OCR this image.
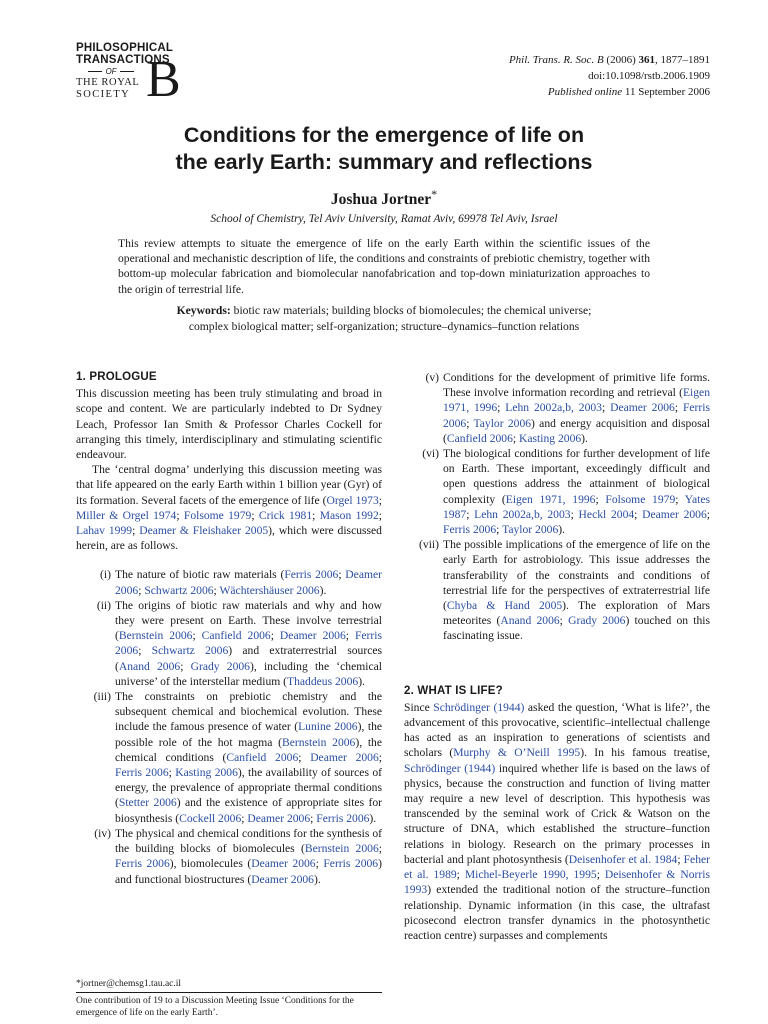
PHILOSOPHICAL
TRANSACTIONS
OF
THE ROYAL
SOCIETY B	Phil. Trans. R. Soc. B (2006) 361, 1877–1891
doi:10.1098/rstb.2006.1909
Published online 11 September 2006
Conditions for the emergence of life on
the early Earth: summary and reflections
Joshua Jortner*
School of Chemistry, Tel Aviv University, Ramat Aviv, 69978 Tel Aviv, Israel
This review attempts to situate the emergence of life on the early Earth within the scientific issues of the operational and mechanistic description of life, the conditions and constraints of prebiotic chemistry, together with bottom-up molecular fabrication and biomolecular nanofabrication and top-down miniaturization approaches to the origin of terrestrial life.
Keywords: biotic raw materials; building blocks of biomolecules; the chemical universe;
complex biological matter; self-organization; structure–dynamics–function relations
1. PROLOGUE

This discussion meeting has been truly stimulating and broad in scope and content. We are particularly indebted to Dr Sydney Leach, Professor Ian Smith & Professor Charles Cockell for arranging this timely, interdisciplinary and stimulating scientific endeavour.

The ‘central dogma’ underlying this discussion meeting was that life appeared on the early Earth within 1 billion year (Gyr) of its formation. Several facets of the emergence of life (Orgel 1973; Miller & Orgel 1974; Folsome 1979; Crick 1981; Mason 1992; Lahav 1999; Deamer & Fleishaker 2005), which were discussed herein, are as follows.

(i) The nature of biotic raw materials (Ferris 2006; Deamer 2006; Schwartz 2006; Wächtershäuser 2006).
(ii) The origins of biotic raw materials and why and how they were present on Earth. These involve terrestrial (Bernstein 2006; Canfield 2006; Deamer 2006; Ferris 2006; Schwartz 2006) and extraterrestrial sources (Anand 2006; Grady 2006), including the ‘chemical universe’ of the interstellar medium (Thaddeus 2006).
(iii) The constraints on prebiotic chemistry and the subsequent chemical and biochemical evolution. These include the famous presence of water (Lunine 2006), the possible role of the hot magma (Bernstein 2006), the chemical conditions (Canfield 2006; Deamer 2006; Ferris 2006; Kasting 2006), the availability of sources of energy, the prevalence of appropriate thermal conditions (Stetter 2006) and the existence of appropriate sites for biosynthesis (Cockell 2006; Deamer 2006; Ferris 2006).
(iv) The physical and chemical conditions for the synthesis of the building blocks of biomolecules (Bernstein 2006; Ferris 2006), biomolecules (Deamer 2006; Ferris 2006) and functional biostructures (Deamer 2006).
*jortner@chemsg1.tau.ac.il
One contribution of 19 to a Discussion Meeting Issue ‘Conditions for the emergence of life on the early Earth’.
(v) Conditions for the development of primitive life forms. These involve information recording and retrieval (Eigen 1971, 1996; Lehn 2002a,b, 2003; Deamer 2006; Ferris 2006; Taylor 2006) and energy acquisition and disposal (Canfield 2006; Kasting 2006).
(vi) The biological conditions for further development of life on Earth. These important, exceedingly difficult and open questions address the attainment of biological complexity (Eigen 1971, 1996; Folsome 1979; Yates 1987; Lehn 2002a,b, 2003; Heckl 2004; Deamer 2006; Ferris 2006; Taylor 2006).
(vii) The possible implications of the emergence of life on the early Earth for astrobiology. This issue addresses the transferability of the constraints and conditions of terrestrial life for the perspectives of extraterrestrial life (Chyba & Hand 2005). The exploration of Mars meteorites (Anand 2006; Grady 2006) touched on this fascinating issue.
2. WHAT IS LIFE?

Since Schrödinger (1944) asked the question, ‘What is life?’, the advancement of this provocative, scientific–intellectual challenge has acted as an inspiration to generations of scientists and scholars (Murphy & O’Neill 1995). In his famous treatise, Schrödinger (1944) inquired whether life is based on the laws of physics, because the construction and function of living matter may require a new level of description. This hypothesis was transcended by the seminal work of Crick & Watson on the structure of DNA, which established the structure–function relations in biology. Research on the primary processes in bacterial and plant photosynthesis (Deisenhofer et al. 1984; Feher et al. 1989; Michel-Beyerle 1990, 1995; Deisenhofer & Norris 1993) extended the traditional notion of the structure–function relationship. Dynamic information (in this case, the ultrafast picosecond electron transfer dynamics in the photosynthetic reaction centre) surpasses and complements
